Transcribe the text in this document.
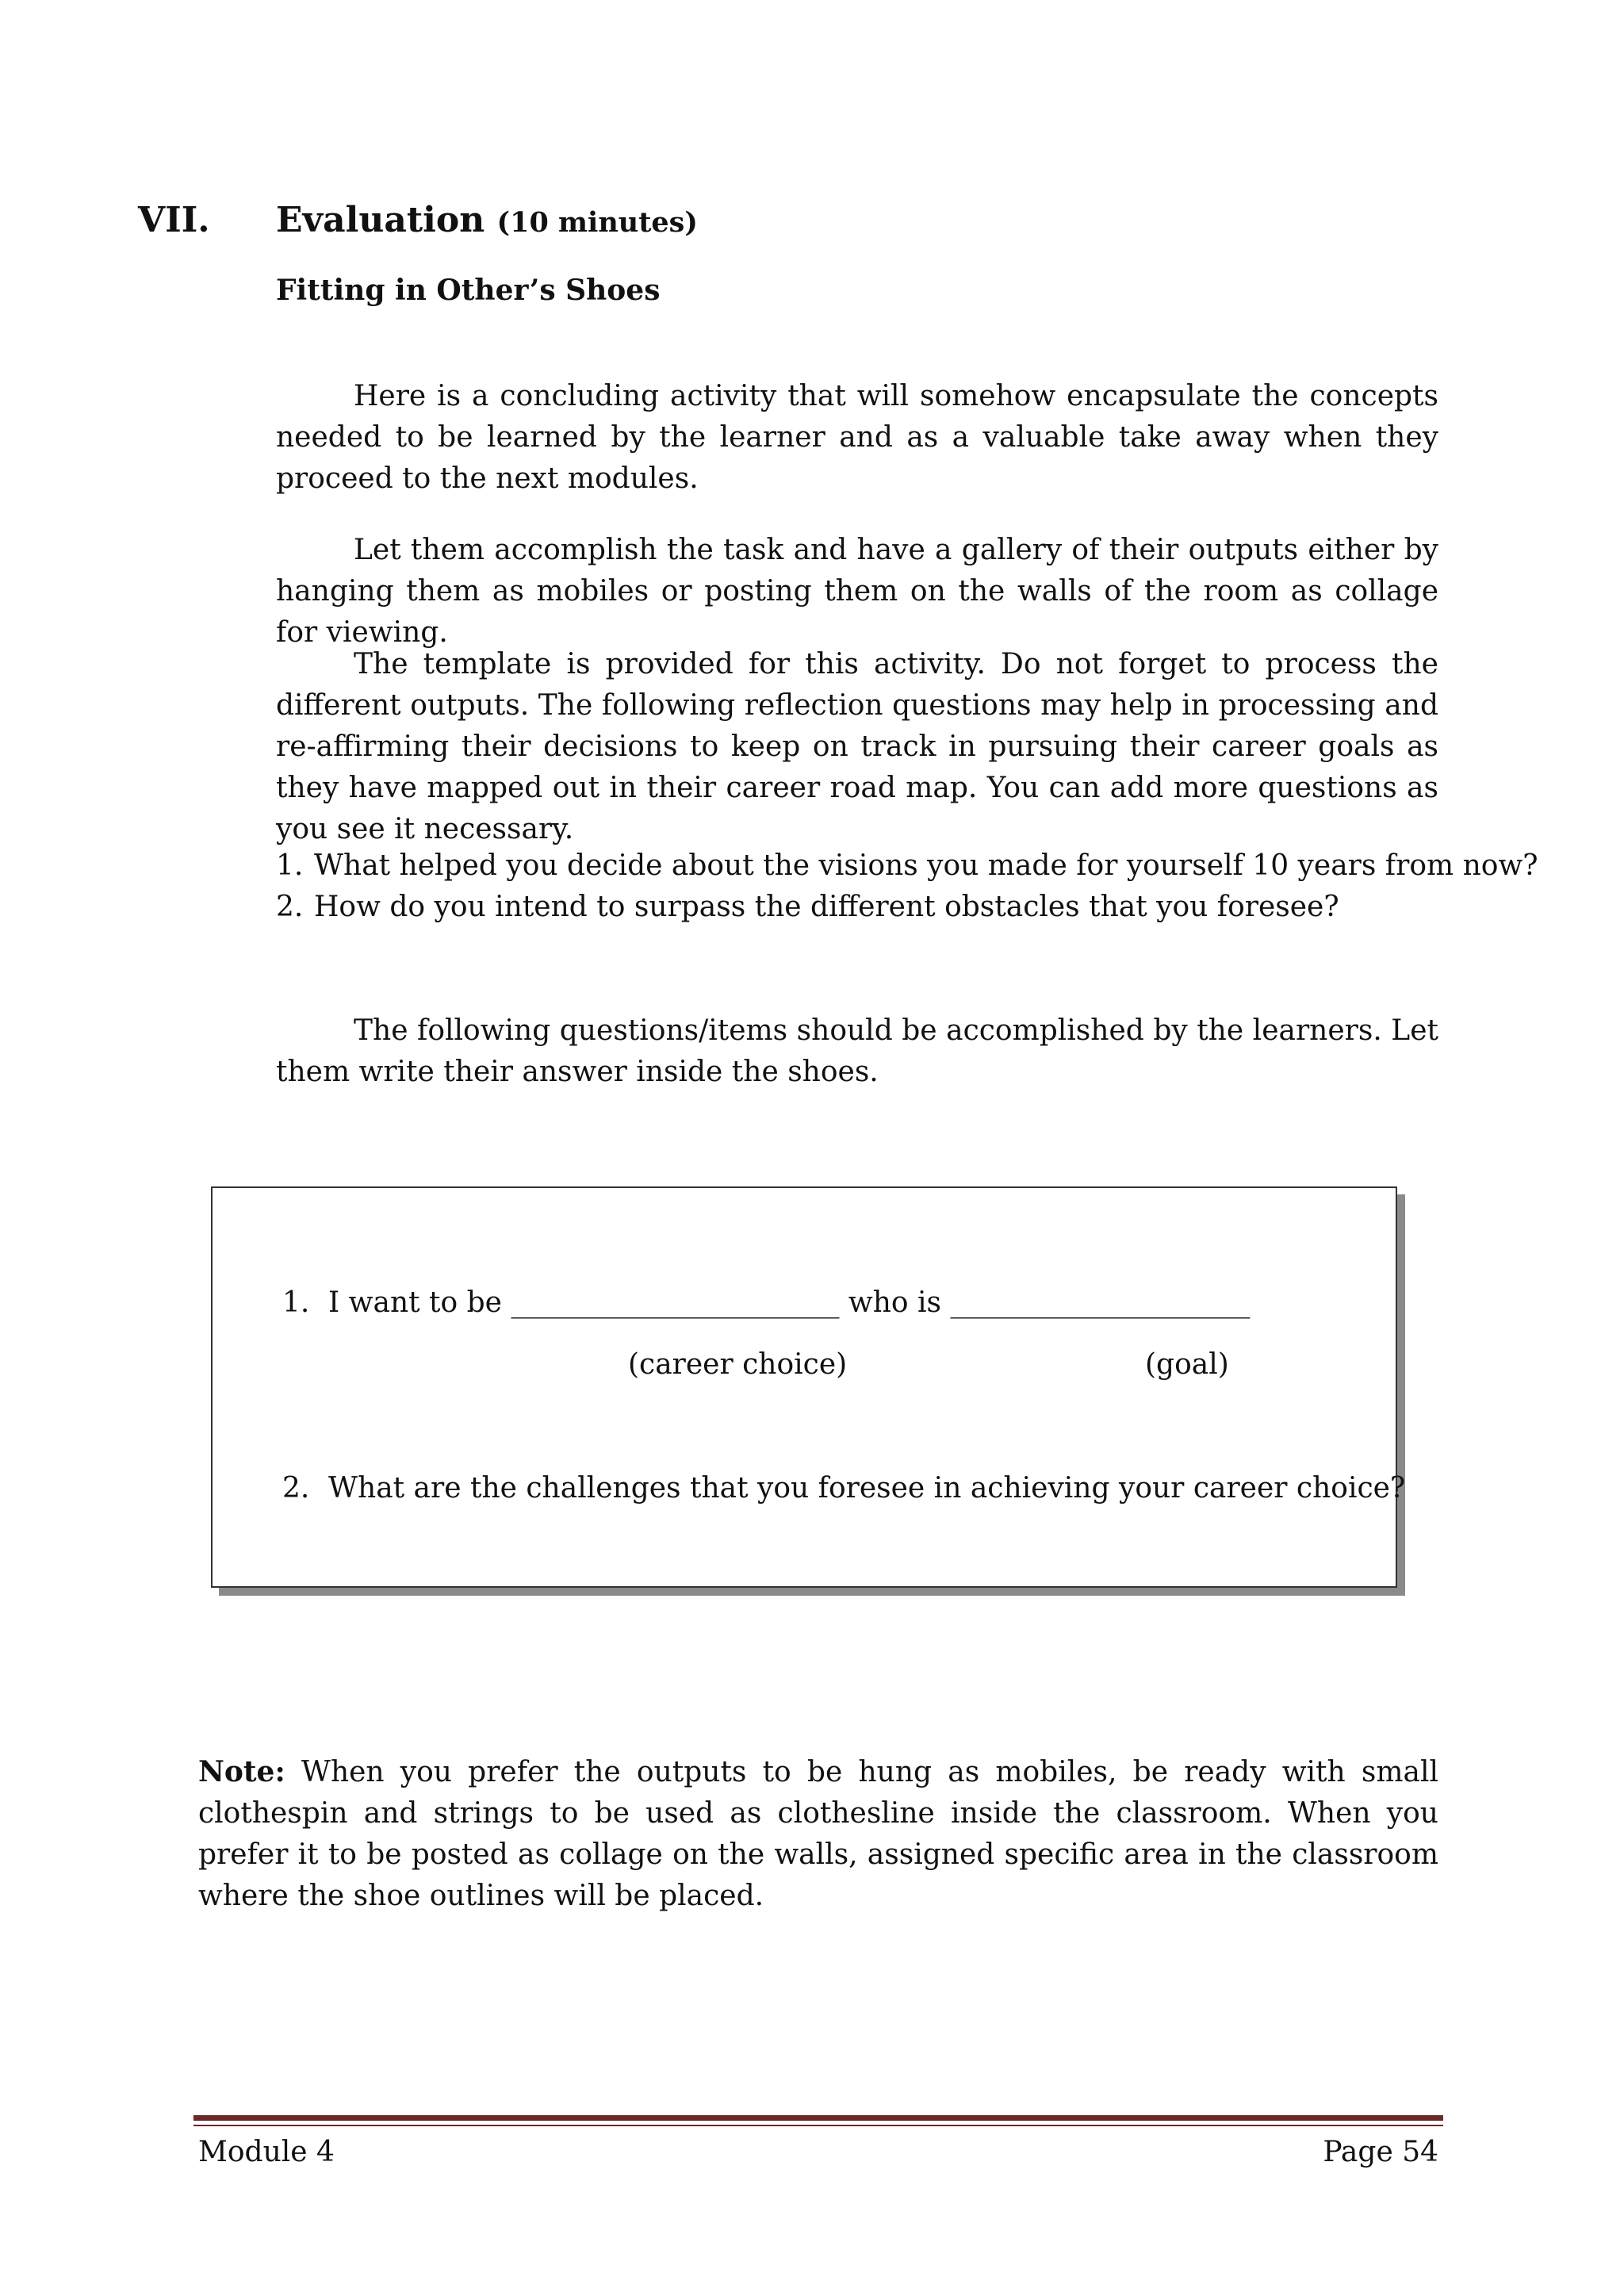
VII. Evaluation (10 minutes)
Fitting in Other’s Shoes

Here is a concluding activity that will somehow encapsulate the concepts needed to be learned by the learner and as a valuable take away when they proceed to the next modules.

Let them accomplish the task and have a gallery of their outputs either by hanging them as mobiles or posting them on the walls of the room as collage for viewing.

The template is provided for this activity. Do not forget to process the different outputs. The following reflection questions may help in processing and re-affirming their decisions to keep on track in pursuing their career goals as they have mapped out in their career road map. You can add more questions as you see it necessary.

1. What helped you decide about the visions you made for yourself 10 years from now?
2. How do you intend to surpass the different obstacles that you foresee?

The following questions/items should be accomplished by the learners. Let them write their answer inside the shoes.

1. I want to be _______________________ who is _____________________
(career choice)	(goal)
2. What are the challenges that you foresee in achieving your career choice?

Note: When you prefer the outputs to be hung as mobiles, be ready with small clothespin and strings to be used as clothesline inside the classroom. When you prefer it to be posted as collage on the walls, assigned specific area in the classroom where the shoe outlines will be placed.

Module 4	Page 54
